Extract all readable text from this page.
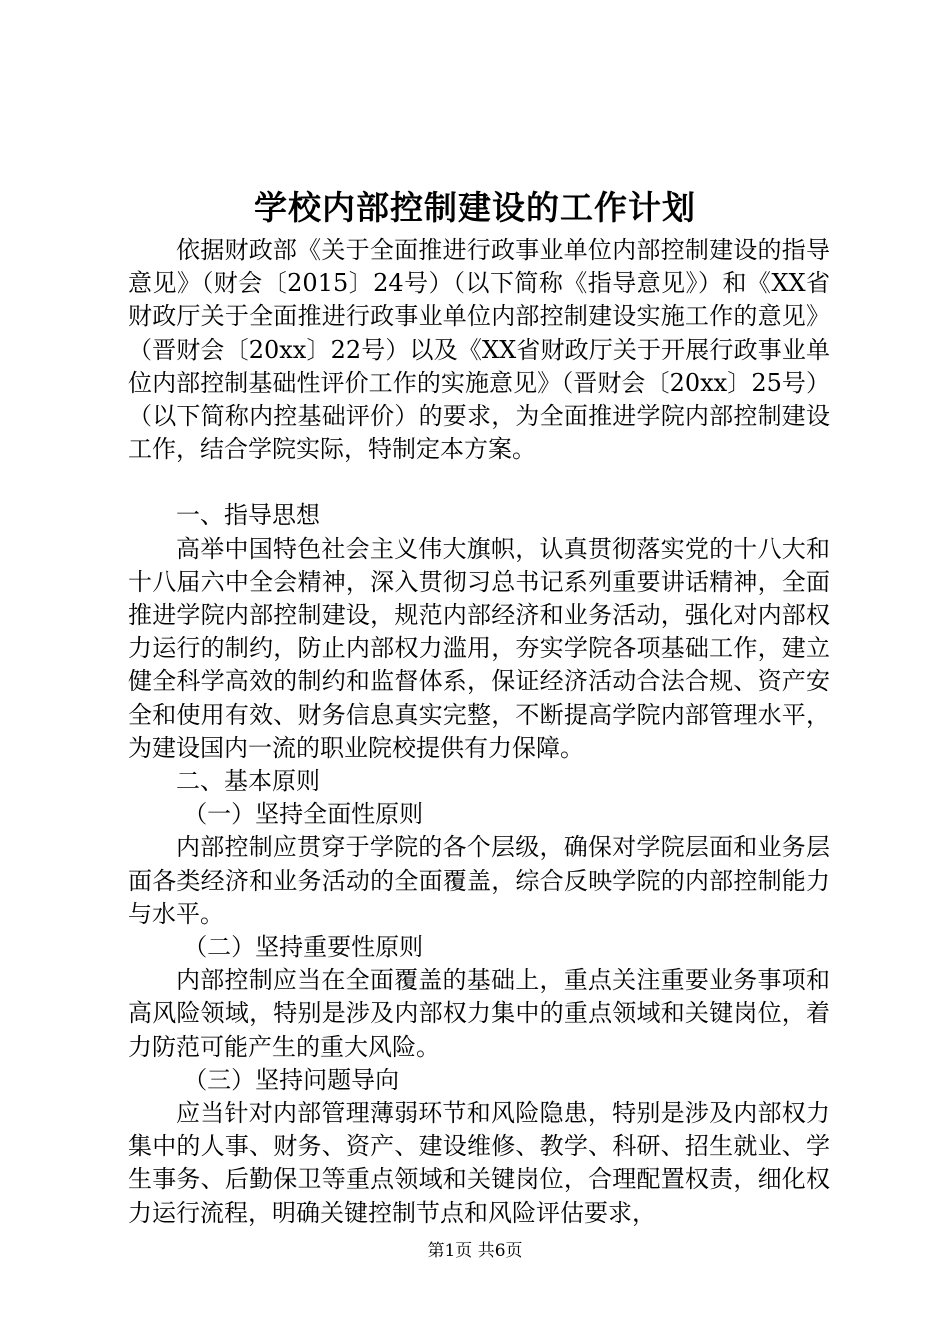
学校内部控制建设的工作计划

依据财政部《关于全面推进行政事业单位内部控制建设的指导意见》（财会〔2015〕24号）（以下简称《指导意见》）和《XX省财政厅关于全面推进行政事业单位内部控制建设实施工作的意见》（晋财会〔20xx〕22号）以及《XX省财政厅关于开展行政事业单位内部控制基础性评价工作的实施意见》（晋财会〔20xx〕25号）（以下简称内控基础评价）的要求，为全面推进学院内部控制建设工作，结合学院实际，特制定本方案。

一、指导思想

高举中国特色社会主义伟大旗帜，认真贯彻落实党的十八大和十八届六中全会精神，深入贯彻习总书记系列重要讲话精神，全面推进学院内部控制建设，规范内部经济和业务活动，强化对内部权力运行的制约，防止内部权力滥用，夯实学院各项基础工作，建立健全科学高效的制约和监督体系，保证经济活动合法合规、资产安全和使用有效、财务信息真实完整，不断提高学院内部管理水平，为建设国内一流的职业院校提供有力保障。

二、基本原则

（一）坚持全面性原则

内部控制应贯穿于学院的各个层级，确保对学院层面和业务层面各类经济和业务活动的全面覆盖，综合反映学院的内部控制能力与水平。

（二）坚持重要性原则

内部控制应当在全面覆盖的基础上，重点关注重要业务事项和高风险领域，特别是涉及内部权力集中的重点领域和关键岗位，着力防范可能产生的重大风险。

（三）坚持问题导向

应当针对内部管理薄弱环节和风险隐患，特别是涉及内部权力集中的人事、财务、资产、建设维修、教学、科研、招生就业、学生事务、后勤保卫等重点领域和关键岗位，合理配置权责，细化权力运行流程，明确关键控制节点和风险评估要求，

第1页 共6页
